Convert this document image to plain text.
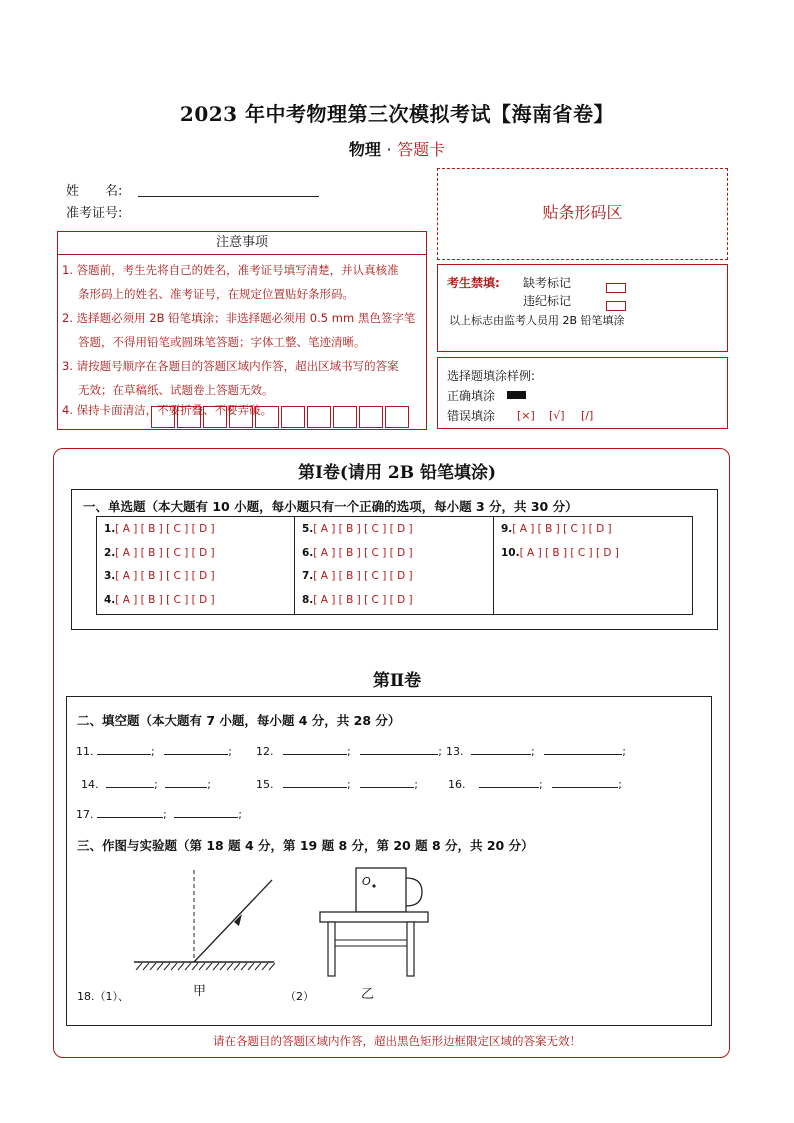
2023 年中考物理第三次模拟考试【海南省卷】
物理 · 答题卡
姓　　名:
准考证号:
注意事项
1. 答题前，考生先将自己的姓名，准考证号填写清楚，并认真核准
条形码上的姓名、准考证号，在规定位置贴好条形码。
2. 选择题必须用 2B 铅笔填涂；非选择题必须用 0.5 mm 黑色签字笔
答题，不得用铅笔或圆珠笔答题；字体工整、笔迹清晰。
3. 请按题号顺序在各题目的答题区域内作答，超出区域书写的答案
无效；在草稿纸、试题卷上答题无效。
4. 保持卡面清洁，不要折叠、不要弄破。
贴条形码区
考生禁填: 缺考标记
违纪标记
以上标志由监考人员用 2B 铅笔填涂
选择题填涂样例:
正确填涂
错误填涂 [×] [√] [/]
第Ⅰ卷(请用 2B 铅笔填涂)
一、单选题（本大题有 10 小题，每小题只有一个正确的选项，每小题 3 分，共 30 分）
1.[ A ] [ B ] [ C ] [ D ]
2.[ A ] [ B ] [ C ] [ D ]
3.[ A ] [ B ] [ C ] [ D ]
4.[ A ] [ B ] [ C ] [ D ]
5.[ A ] [ B ] [ C ] [ D ]
6.[ A ] [ B ] [ C ] [ D ]
7.[ A ] [ B ] [ C ] [ D ]
8.[ A ] [ B ] [ C ] [ D ]
9.[ A ] [ B ] [ C ] [ D ]
10.[ A ] [ B ] [ C ] [ D ]
第Ⅱ卷
二、填空题（本大题有 7 小题，每小题 4 分，共 28 分）
11.	;	; 12.	;	; 13.	;	;
14.	;	;	15.	;	;	16.	;	;
17.	;	;
三、作图与实验题（第 18 题 4 分，第 19 题 8 分，第 20 题 8 分，共 20 分）
甲
O
乙
18.（1）、	（2）
请在各题目的答题区域内作答，超出黑色矩形边框限定区域的答案无效！
